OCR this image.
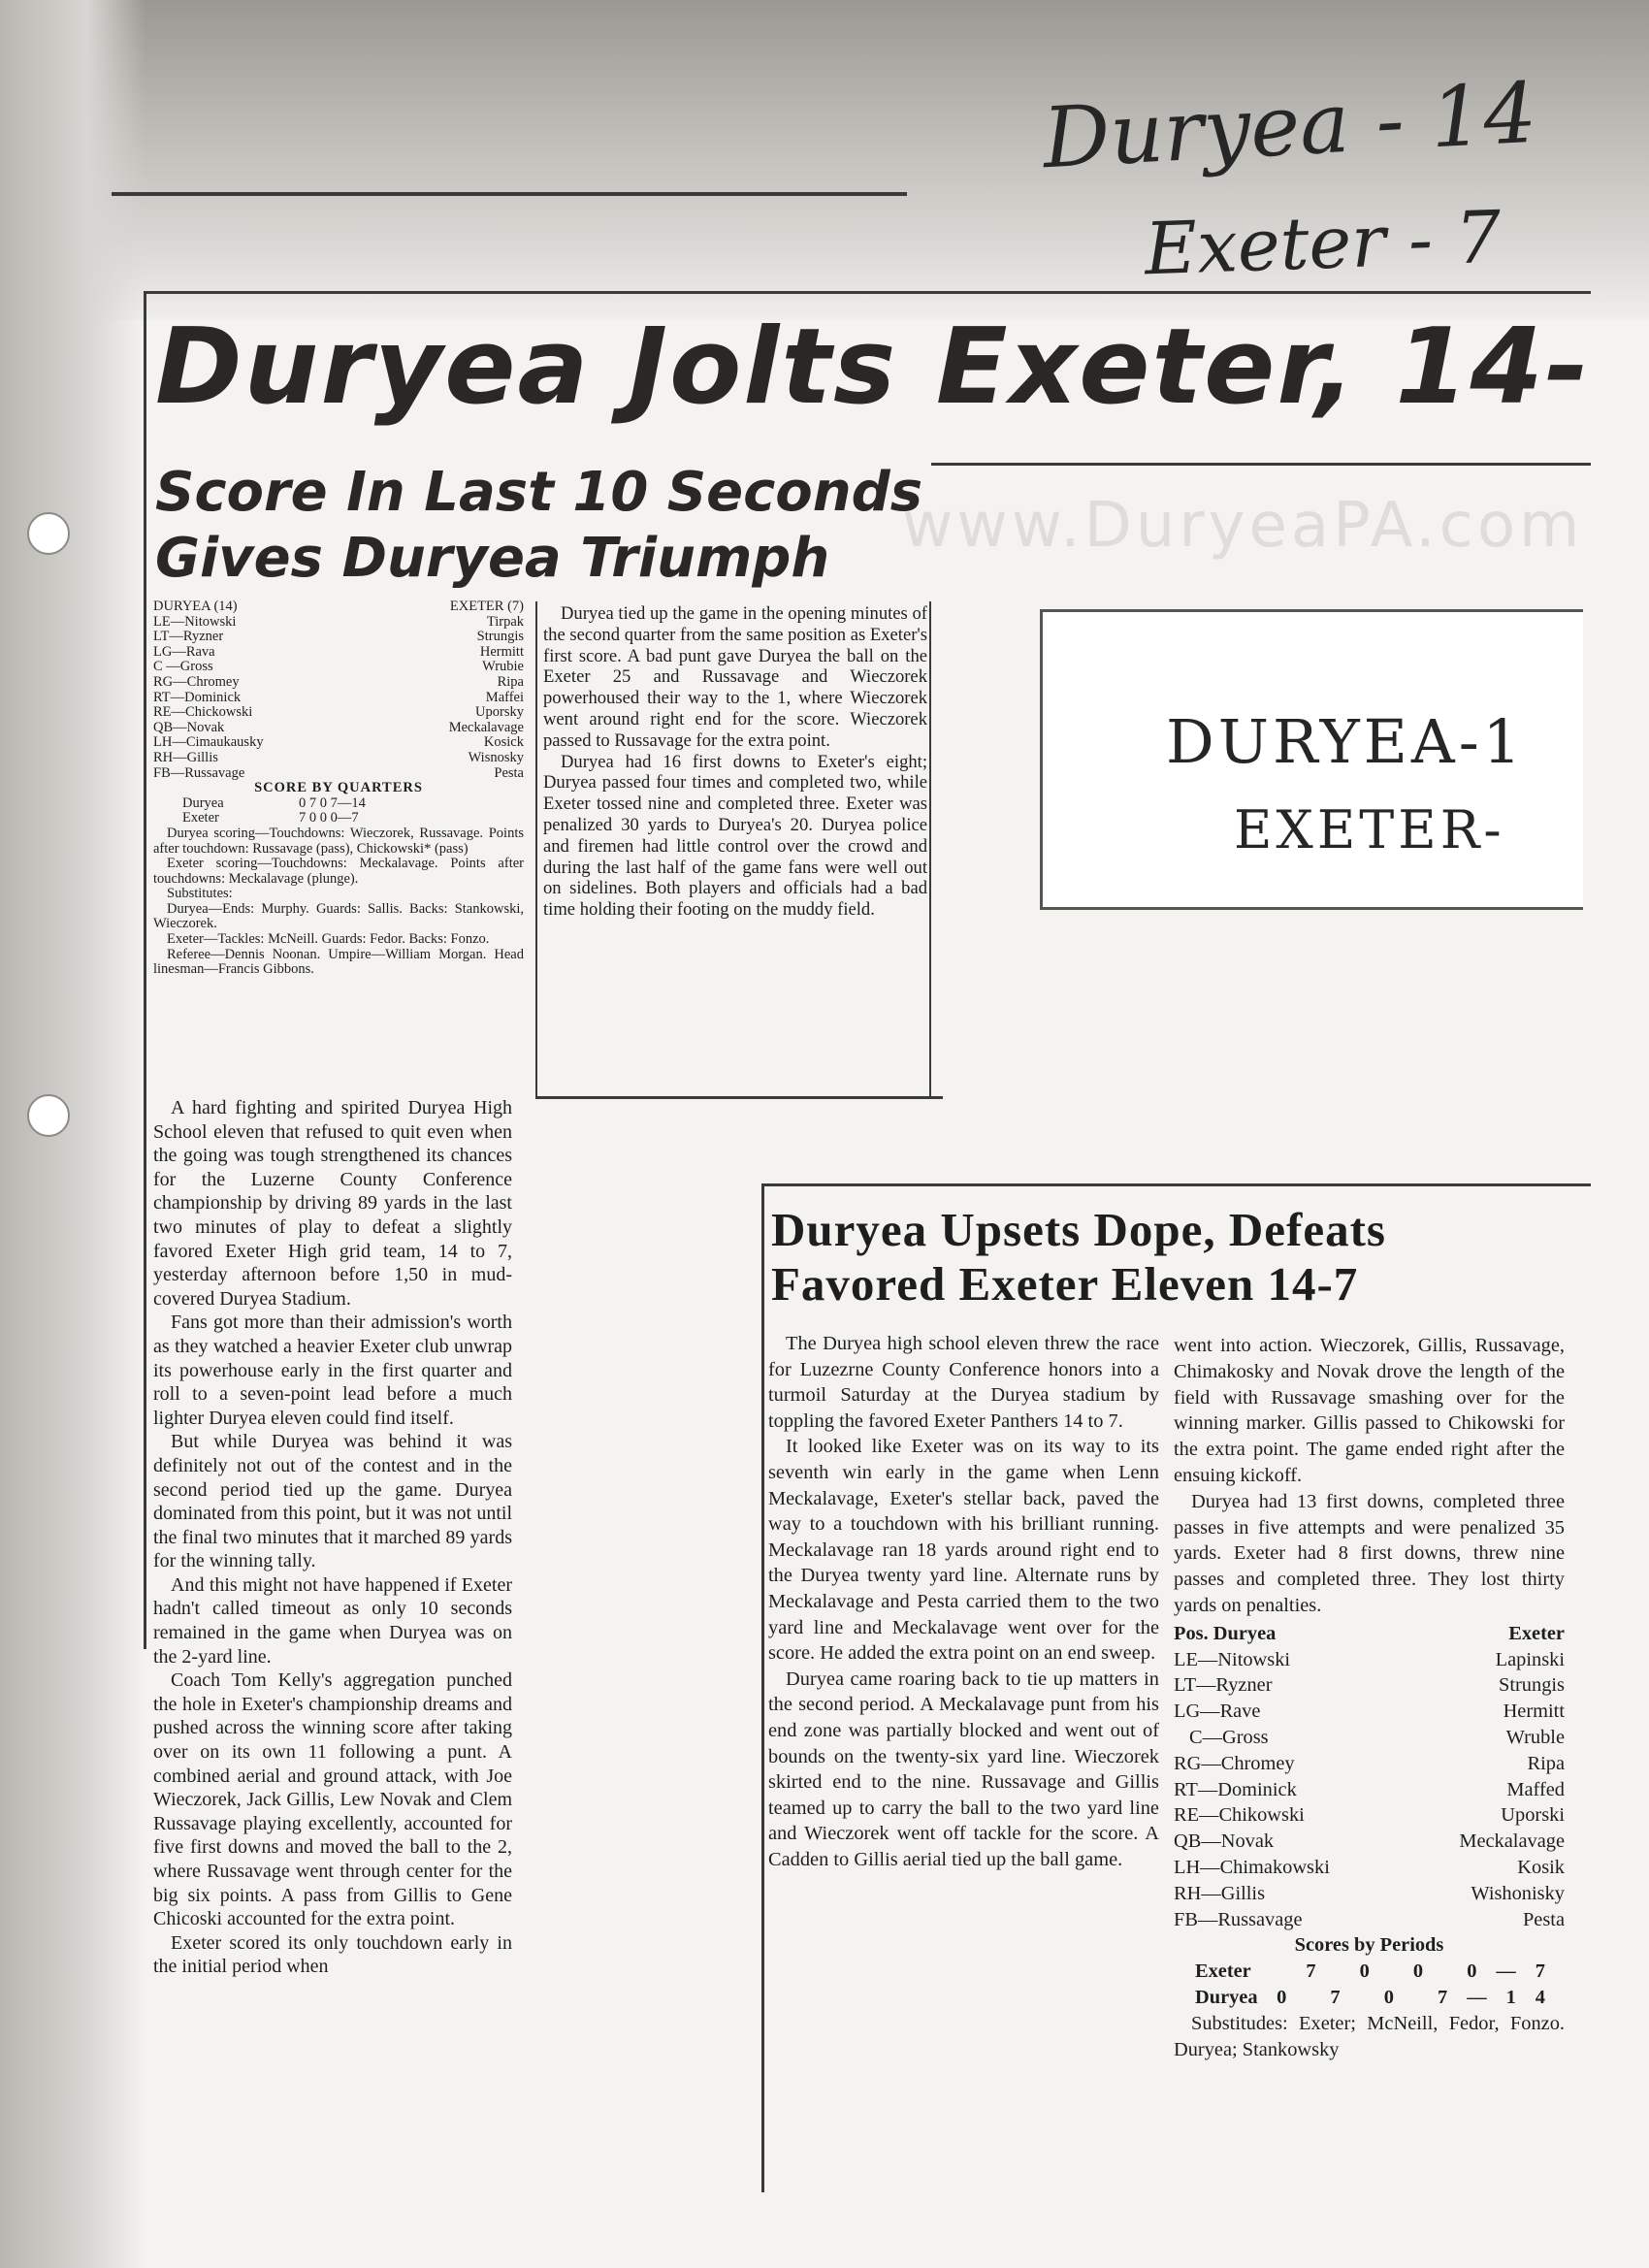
Duryea - 14
Exeter - 7
Duryea Jolts Exeter, 14-
Score In Last 10 Seconds
Gives Duryea Triumph	www.DuryeaPA.com
DURYEA (14)	EXETER (7)
LE—Nitowski	Tirpak
LT—Ryzner	Strungis
LG—Rava	Hermitt
C —Gross	Wrubie
RG—Chromey	Ripa
RT—Dominick	Maffei
RE—Chickowski	Uporsky
QB—Novak	Meckalavage
LH—Cimaukausky	Kosick
RH—Gillis	Wisnosky
FB—Russavage	Pesta
SCORE BY QUARTERS
Duryea	0 7 0 7—14
Exeter	7 0 0 0—7

Duryea scoring—Touchdowns: Wieczorek, Russavage. Points after touchdown: Russavage (pass), Chickowski* (pass)

Exeter scoring—Touchdowns: Meckalavage. Points after touchdowns: Meckalavage (plunge).

Substitutes:

Duryea—Ends: Murphy. Guards: Sallis. Backs: Stankowski, Wieczorek.

Exeter—Tackles: McNeill. Guards: Fedor. Backs: Fonzo.

Referee—Dennis Noonan. Umpire—William Morgan. Head linesman—Francis Gibbons.

A hard fighting and spirited Duryea High School eleven that refused to quit even when the going was tough strengthened its chances for the Luzerne County Conference championship by driving 89 yards in the last two minutes of play to defeat a slightly favored Exeter High grid team, 14 to 7, yesterday afternoon before 1,50 in mud-covered Duryea Stadium.

Fans got more than their admission's worth as they watched a heavier Exeter club unwrap its powerhouse early in the first quarter and roll to a seven-point lead before a much lighter Duryea eleven could find itself.

But while Duryea was behind it was definitely not out of the contest and in the second period tied up the game. Duryea dominated from this point, but it was not until the final two minutes that it marched 89 yards for the winning tally.

And this might not have happened if Exeter hadn't called timeout as only 10 seconds remained in the game when Duryea was on the 2-yard line.

Coach Tom Kelly's aggregation punched the hole in Exeter's championship dreams and pushed across the winning score after taking over on its own 11 following a punt. A combined aerial and ground attack, with Joe Wieczorek, Jack Gillis, Lew Novak and Clem Russavage playing excellently, accounted for five first downs and moved the ball to the 2, where Russavage went through center for the big six points. A pass from Gillis to Gene Chicoski accounted for the extra point.

Exeter scored its only touchdown early in the initial period when

Duryea tied up the game in the opening minutes of the second quarter from the same position as Exeter's first score. A bad punt gave Duryea the ball on the Exeter 25 and Russavage and Wieczorek powerhoused their way to the 1, where Wieczorek went around right end for the score. Wieczorek passed to Russavage for the extra point.

Duryea had 16 first downs to Exeter's eight; Duryea passed four times and completed two, while Exeter tossed nine and completed three. Exeter was penalized 30 yards to Duryea's 20. Duryea police and firemen had little control over the crowd and during the last half of the game fans were well out on sidelines. Both players and officials had a bad time holding their footing on the muddy field.

DURYEA-1
EXETER-
Duryea Upsets Dope, Defeats
Favored Exeter Eleven 14-7

The Duryea high school eleven threw the race for Luzezrne County Conference honors into a turmoil Saturday at the Duryea stadium by toppling the favored Exeter Panthers 14 to 7.

It looked like Exeter was on its way to its seventh win early in the game when Lenn Meckalavage, Exeter's stellar back, paved the way to a touchdown with his brilliant running. Meckalavage ran 18 yards around right end to the Duryea twenty yard line. Alternate runs by Meckalavage and Pesta carried them to the two yard line and Meckalavage went over for the score. He added the extra point on an end sweep.

Duryea came roaring back to tie up matters in the second period. A Meckalavage punt from his end zone was partially blocked and went out of bounds on the twenty-six yard line. Wieczorek skirted end to the nine. Russavage and Gillis teamed up to carry the ball to the two yard line and Wieczorek went off tackle for the score. A Cadden to Gillis aerial tied up the ball game.

went into action. Wieczorek, Gillis, Russavage, Chimakosky and Novak drove the length of the field with Russavage smashing over for the winning marker. Gillis passed to Chikowski for the extra point. The game ended right after the ensuing kickoff.

Duryea had 13 first downs, completed three passes in five attempts and were penalized 35 yards. Exeter had 8 first downs, threw nine passes and completed three. They lost thirty yards on penalties.

Pos. Duryea	Exeter
LE—Nitowski	Lapinski
LT—Ryzner	Strungis
LG—Rave	Hermitt
C—Gross	Wruble
RG—Chromey	Ripa
RT—Dominick	Maffed
RE—Chikowski	Uporski
QB—Novak	Meckalavage
LH—Chimakowski	Kosik
RH—Gillis	Wishonisky
FB—Russavage	Pesta
Scores by Periods
Exeter	7 0 0 0—7
Duryea 0 7 0 7—14

Substitudes: Exeter; McNeill, Fedor, Fonzo. Duryea; Stankowsky
